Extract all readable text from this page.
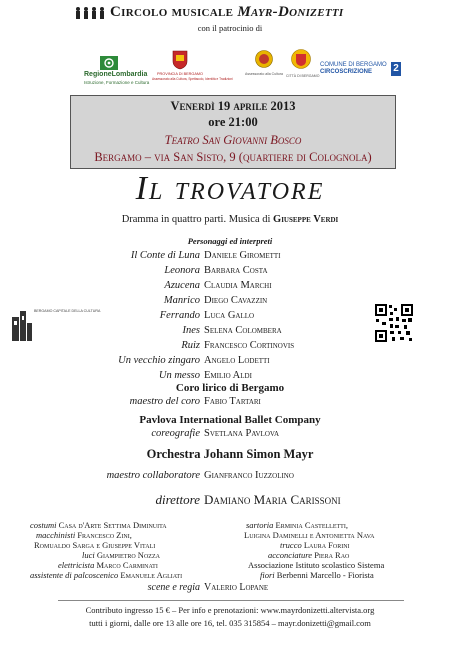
Circolo musicale Mayr-Donizetti
con il patrocinio di
RegioneLombardia
Istruzione, Formazione e Cultura
PROVINCIA DI BERGAMO
Assessorato alla Cultura, Spettacolo, Identità e Tradizioni
Assessorato alla Cultura CITTÀ DI BERGAMO
COMUNE DI BERGAMO
CIRCOSCRIZIONE 2
Venerdì 19 aprile 2013
ore 21:00
Teatro San Giovanni Bosco
Bergamo – via San Sisto, 9 (quartiere di Colognola)
Il trovatore
Dramma in quattro parti. Musica di Giuseppe Verdi
Personaggi ed interpreti
Il Conte di Luna Daniele Girometti
Leonora Barbara Costa
Azucena Claudia Marchi
Manrico Diego Cavazzin
Ferrando Luca Gallo
Ines Selena Colombera
Ruiz Francesco Cortinovis
Un vecchio zingaro Angelo Lodetti
Un messo Emilio Aldi
BERGAMO CAPITALE DELLA CULTURA
Coro lirico di Bergamo
maestro del coro Fabio Tartari
Pavlova International Ballet Company
coreografie Svetlana Pavlova
Orchestra Johann Simon Mayr
maestro collaboratore Gianfranco Iuzzolino
direttore Damiano Maria Carissoni
costumi Casa d'Arte Settima Diminuita	sartoria Erminia Castelletti,
macchinisti Francesco Zini,	Luigina Daminelli e Antonietta Nava
Romualdo Sarga e Giuseppe Vitali	trucco Laura Forini
luci Giampietro Nozza	acconciature Piera Rao
elettricista Marco Carminati	Associazione Istituto scolastico Sistema
assistente di palcoscenico Emanuele Agliati	fiori Berbenni Marcello - Fiorista
scene e regia Valerio Lopane
Contributo ingresso 15 € – Per info e prenotazioni: www.mayrdonizetti.altervista.org
tutti i giorni, dalle ore 13 alle ore 16, tel. 035 315854 – mayr.donizetti@gmail.com
